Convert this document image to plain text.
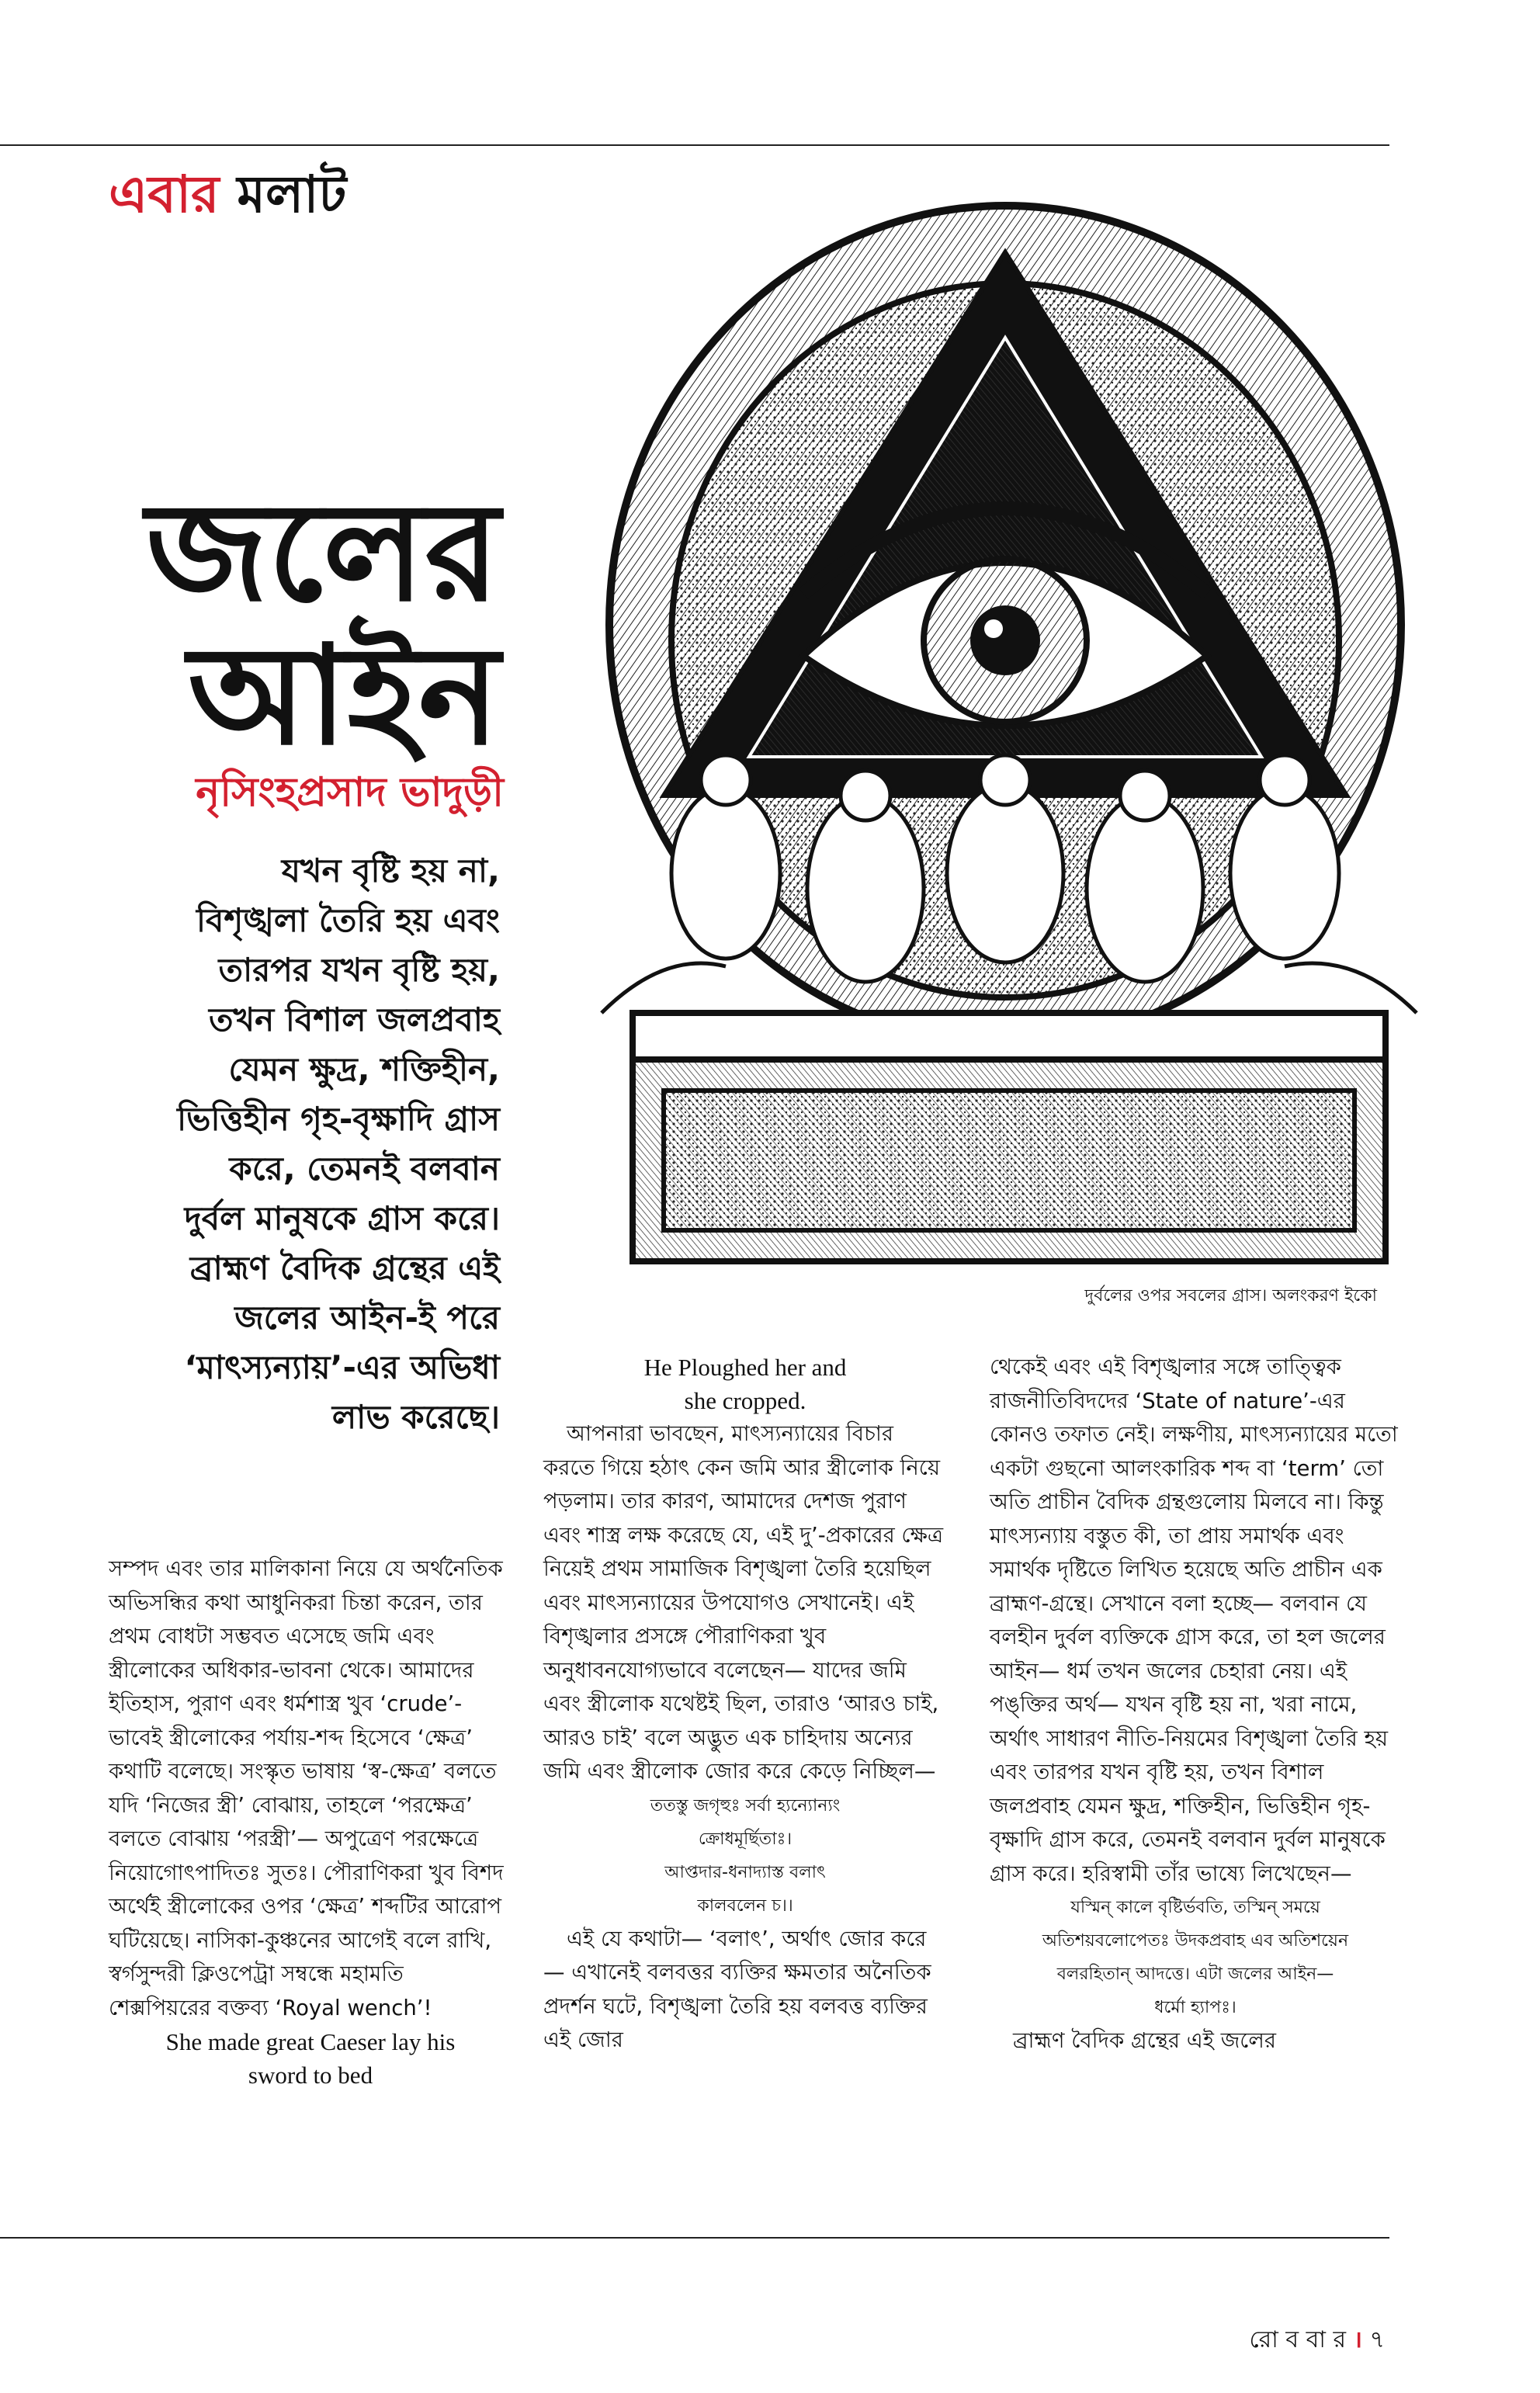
এবার মলাট
দুর্বলের ওপর সবলের গ্রাস। অলংকরণ ইকো
জলের
আইন
নৃসিংহপ্রসাদ ভাদুড়ী
যখন বৃষ্টি হয় না,
বিশৃঙ্খলা তৈরি হয় এবং
তারপর যখন বৃষ্টি হয়,
তখন বিশাল জলপ্রবাহ
যেমন ক্ষুদ্র, শক্তিহীন,
ভিত্তিহীন গৃহ-বৃক্ষাদি গ্রাস
করে, তেমনই বলবান
দুর্বল মানুষকে গ্রাস করে।
ব্রাহ্মণ বৈদিক গ্রন্থের এই
জলের আইন-ই পরে
‘মাৎস্যন্যায়’-এর অভিধা
লাভ করেছে।

সম্পদ এবং তার মালিকানা নিয়ে যে অর্থনৈতিক অভিসন্ধির কথা আধুনিকরা চিন্তা করেন, তার প্রথম বোধটা সম্ভবত এসেছে জমি এবং স্ত্রীলোকের অধিকার-ভাবনা থেকে। আমাদের ইতিহাস, পুরাণ এবং ধর্মশাস্ত্র খুব ‘crude’-ভাবেই স্ত্রীলোকের পর্যায়-শব্দ হিসেবে ‘ক্ষেত্র’ কথাটি বলেছে। সংস্কৃত ভাষায় ‘স্ব-ক্ষেত্র’ বলতে যদি ‘নিজের স্ত্রী’ বোঝায়, তাহলে ‘পরক্ষেত্র’ বলতে বোঝায় ‘পরস্ত্রী’— অপুত্রেণ পরক্ষেত্রে নিয়োগোৎপাদিতঃ সুতঃ। পৌরাণিকরা খুব বিশদ অর্থেই স্ত্রীলোকের ওপর ‘ক্ষেত্র’ শব্দটির আরোপ ঘটিয়েছে। নাসিকা-কুঞ্চনের আগেই বলে রাখি, স্বর্গসুন্দরী ক্লিওপেট্রা সম্বন্ধে মহামতি শেক্সপিয়রের বক্তব্য ‘Royal wench’!

She made great Caeser lay his

sword to bed

He Ploughed her and

she cropped.

আপনারা ভাবছেন, মাৎস্যন্যায়ের বিচার করতে গিয়ে হঠাৎ কেন জমি আর স্ত্রীলোক নিয়ে পড়লাম। তার কারণ, আমাদের দেশজ পুরাণ এবং শাস্ত্র লক্ষ করেছে যে, এই দু’-প্রকারের ক্ষেত্র নিয়েই প্রথম সামাজিক বিশৃঙ্খলা তৈরি হয়েছিল এবং মাৎস্যন্যায়ের উপযোগও সেখানেই। এই বিশৃঙ্খলার প্রসঙ্গে পৌরাণিকরা খুব অনুধাবনযোগ্যভাবে বলেছেন— যাদের জমি এবং স্ত্রীলোক যথেষ্টই ছিল, তারাও ‘আরও চাই, আরও চাই’ বলে অদ্ভুত এক চাহিদায় অন্যের জমি এবং স্ত্রীলোক জোর করে কেড়ে নিচ্ছিল—

ততস্তু জগৃহুঃ সর্বা হ্যন্যোন্যং

ক্রোধমূর্ছিতাঃ।

আপ্তদার-ধনাদ্যাস্ত বলাৎ

কালবলেন চ।।

এই যে কথাটা— ‘বলাৎ’, অর্থাৎ জোর করে— এখানেই বলবত্তর ব্যক্তির ক্ষমতার অনৈতিক প্রদর্শন ঘটে, বিশৃঙ্খলা তৈরি হয় বলবত্ত ব্যক্তির এই জোর

থেকেই এবং এই বিশৃঙ্খলার সঙ্গে তাত্ত্বিক রাজনীতিবিদদের ‘State of nature’-এর কোনও তফাত নেই। লক্ষণীয়, মাৎস্যন্যায়ের মতো একটা গুছনো আলংকারিক শব্দ বা ‘term’ তো অতি প্রাচীন বৈদিক গ্রন্থগুলোয় মিলবে না। কিন্তু মাৎস্যন্যায় বস্তুত কী, তা প্রায় সমার্থক এবং সমার্থক দৃষ্টিতে লিখিত হয়েছে অতি প্রাচীন এক ব্রাহ্মণ-গ্রন্থে। সেখানে বলা হচ্ছে— বলবান যে বলহীন দুর্বল ব্যক্তিকে গ্রাস করে, তা হল জলের আইন— ধর্ম তখন জলের চেহারা নেয়। এই পঙ্‌ক্তির অর্থ— যখন বৃষ্টি হয় না, খরা নামে, অর্থাৎ সাধারণ নীতি-নিয়মের বিশৃঙ্খলা তৈরি হয় এবং তারপর যখন বৃষ্টি হয়, তখন বিশাল জলপ্রবাহ যেমন ক্ষুদ্র, শক্তিহীন, ভিত্তিহীন গৃহ-বৃক্ষাদি গ্রাস করে, তেমনই বলবান দুর্বল মানুষকে গ্রাস করে। হরিস্বামী তাঁর ভাষ্যে লিখেছেন—

যস্মিন্ কালে বৃষ্টির্ভবতি, তস্মিন্ সময়ে

অতিশয়বলোপেতঃ উদকপ্রবাহ এব অতিশয়েন

বলরহিতান্ আদত্তে। এটা জলের আইন—

ধর্মো হ্যাপঃ।

ব্রাহ্মণ বৈদিক গ্রন্থের এই জলের

রো ব বা র । ৭
